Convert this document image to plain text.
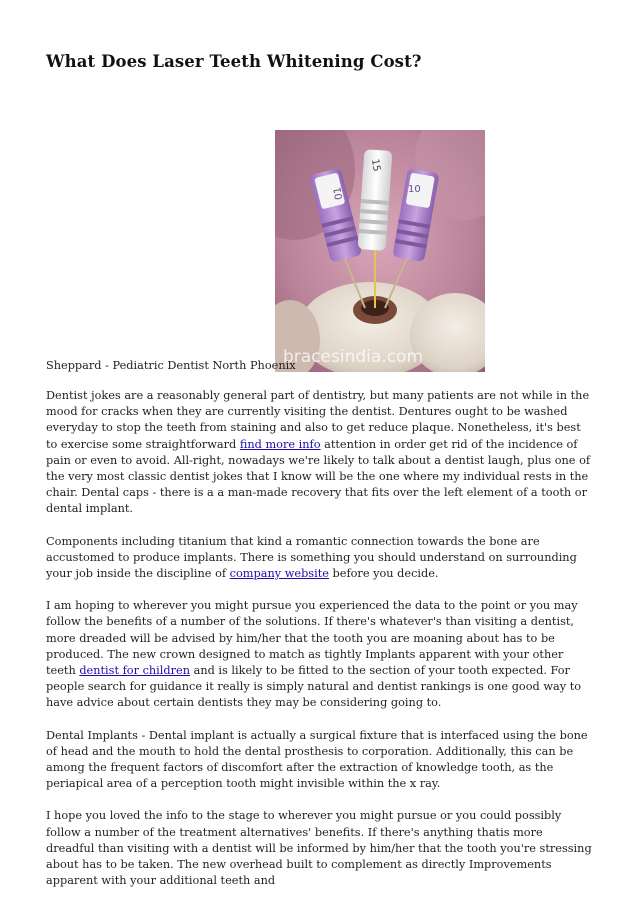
What Does Laser Teeth Whitening Cost?
01
15
10
bracesindia.com

Sheppard - Pediatric Dentist North Phoenix

Dentist jokes are a reasonably general part of dentistry, but many patients are not while in the mood for cracks when they are currently visiting the dentist. Dentures ought to be washed everyday to stop the teeth from staining and also to get reduce plaque. Nonetheless, it's best to exercise some straightforward find more info attention in order get rid of the incidence of pain or even to avoid. All-right, nowadays we're likely to talk about a dentist laugh, plus one of the very most classic dentist jokes that I know will be the one where my individual rests in the chair. Dental caps - there is a a man-made recovery that fits over the left element of a tooth or dental implant.

Components including titanium that kind a romantic connection towards the bone are accustomed to produce implants. There is something you should understand on surrounding your job inside the discipline of company website before you decide.

I am hoping to wherever you might pursue you experienced the data to the point or you may follow the benefits of a number of the solutions. If there's whatever's than visiting a dentist, more dreaded will be advised by him/her that the tooth you are moaning about has to be produced. The new crown designed to match as tightly Implants apparent with your other teeth dentist for children and is likely to be fitted to the section of your tooth expected. For people search for guidance it really is simply natural and dentist rankings is one good way to have advice about certain dentists they may be considering going to.

Dental Implants - Dental implant is actually a surgical fixture that is interfaced using the bone of head and the mouth to hold the dental prosthesis to corporation. Additionally, this can be among the frequent factors of discomfort after the extraction of knowledge tooth, as the periapical area of a perception tooth might invisible within the x ray.

I hope you loved the info to the stage to wherever you might pursue or you could possibly follow a number of the treatment alternatives' benefits. If there's anything thatis more dreadful than visiting with a dentist will be informed by him/her that the tooth you're stressing about has to be taken. The new overhead built to complement as directly Improvements apparent with your additional teeth and
